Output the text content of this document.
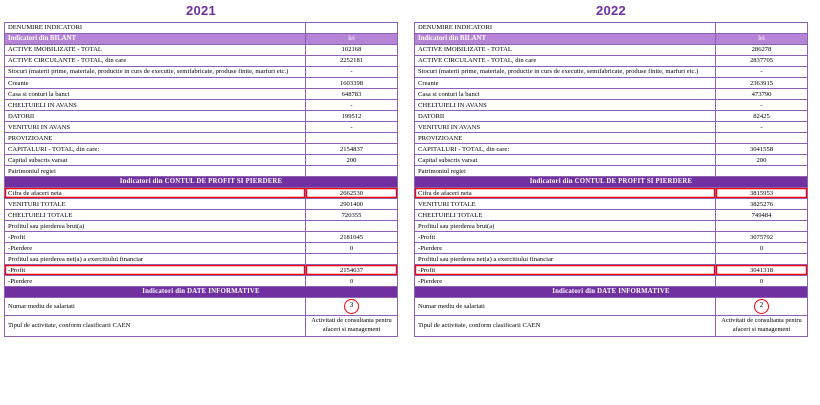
2021
DENUMIRE INDICATORI	
Indicatori din BILANT	lei
ACTIVE IMOBILIZATE - TOTAL	102168
ACTIVE CIRCULANTE - TOTAL, din care	2252181
Stocuri (materii prime, materiale, productie in curs de executie, semifabricate, produse finite, marfuri etc.)	-
Creante	1603398
Casa si conturi la banci	648783
CHELTUIELI IN AVANS	-
DATORII	199512
VENITURI IN AVANS	-
PROVIZIOANE	
CAPITALURI - TOTAL, din care:	2154837
Capital subscris varsat	200
Patrimoniul regiei	
Indicatori din CONTUL DE PROFIT SI PIERDERE	
Cifra de afaceri neta	2662530
VENITURI TOTALE	2901400
CHELTUIELI TOTALE	720355
Profitul sau pierderea brut(a)	
-Profit	2181045
-Pierdere	0
Profitul sau pierderea net(a) a exercitiului financiar	
-Profit	2154637
-Pierdere	0
Indicatori din DATE INFORMATIVE	
Numar mediu de salariati	3
Tipul de activitate, conform clasificarii CAEN	Activitati de consultanta pentru afaceri si management
2022
DENUMIRE INDICATORI	
Indicatori din BILANT	lei
ACTIVE IMOBILIZATE - TOTAL	286278
ACTIVE CIRCULANTE - TOTAL, din care	2837705
Stocuri (materii prime, materiale, productie in curs de executie, semifabricate, produse finite, marfuri etc.)	-
Creante	2363915
Casa si conturi la banci	473790
CHELTUIELI IN AVANS	-
DATORII	82425
VENITURI IN AVANS	-
PROVIZIOANE	
CAPITALURI - TOTAL, din care:	3041558
Capital subscris varsat	200
Patrimoniul regiei	
Indicatori din CONTUL DE PROFIT SI PIERDERE	
Cifra de afaceri neta	3815953
VENITURI TOTALE	3825276
CHELTUIELI TOTALE	749484
Profitul sau pierderea brut(a)	
-Profit	3075792
-Pierdere	0
Profitul sau pierderea net(a) a exercitiului financiar	
-Profit	3041318
-Pierdere	0
Indicatori din DATE INFORMATIVE	
Numar mediu de salariati	2
Tipul de activitate, conform clasificarii CAEN	Activitati de consultanta pentru afaceri si management
